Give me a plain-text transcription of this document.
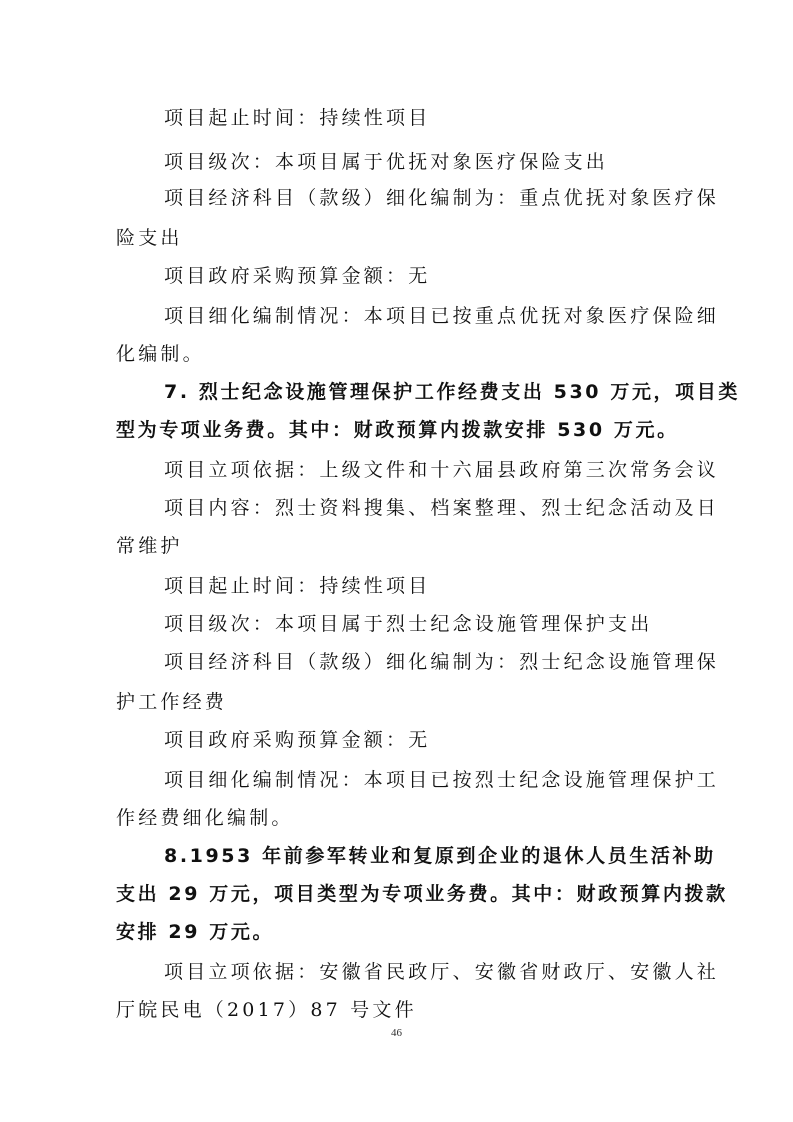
项目起止时间：持续性项目
项目级次：本项目属于优抚对象医疗保险支出
项目经济科目（款级）细化编制为：重点优抚对象医疗保
险支出
项目政府采购预算金额：无
项目细化编制情况：本项目已按重点优抚对象医疗保险细
化编制。
7. 烈士纪念设施管理保护工作经费支出 530 万元，项目类
型为专项业务费。其中：财政预算内拨款安排 530 万元。
项目立项依据：上级文件和十六届县政府第三次常务会议
项目内容：烈士资料搜集、档案整理、烈士纪念活动及日
常维护
项目起止时间：持续性项目
项目级次：本项目属于烈士纪念设施管理保护支出
项目经济科目（款级）细化编制为：烈士纪念设施管理保
护工作经费
项目政府采购预算金额：无
项目细化编制情况：本项目已按烈士纪念设施管理保护工
作经费细化编制。
8.1953 年前参军转业和复原到企业的退休人员生活补助
支出 29 万元，项目类型为专项业务费。其中：财政预算内拨款
安排 29 万元。
项目立项依据：安徽省民政厅、安徽省财政厅、安徽人社
厅皖民电（2017）87 号文件
46
